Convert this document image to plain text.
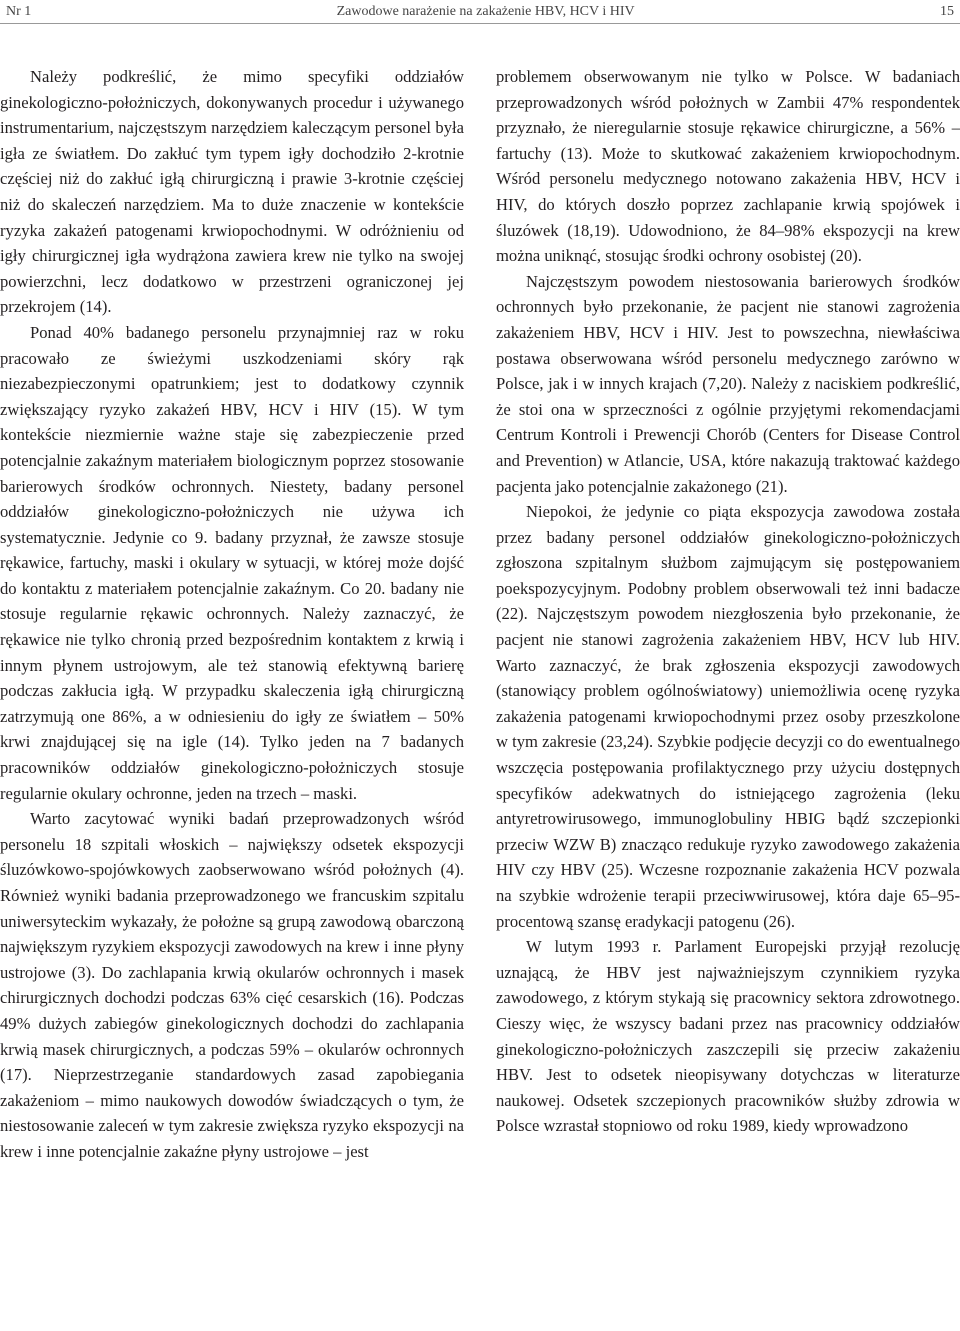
Nr 1	Zawodowe narażenie na zakażenie HBV, HCV i HIV	15

Należy podkreślić, że mimo specyfiki oddziałów ginekologiczno-położniczych, dokonywanych procedur i używanego instrumentarium, najczęstszym narzędziem kaleczącym personel była igła ze światłem. Do zakłuć tym typem igły dochodziło 2-krotnie częściej niż do zakłuć igłą chirurgiczną i prawie 3-krotnie częściej niż do skaleczeń narzędziem. Ma to duże znaczenie w kontekście ryzyka zakażeń patogenami krwiopochodnymi. W odróżnieniu od igły chirurgicznej igła wydrążona zawiera krew nie tylko na swojej powierzchni, lecz dodatkowo w przestrzeni ograniczonej jej przekrojem (14).

Ponad 40% badanego personelu przynajmniej raz w roku pracowało ze świeżymi uszkodzeniami skóry rąk niezabezpieczonymi opatrunkiem; jest to dodatkowy czynnik zwiększający ryzyko zakażeń HBV, HCV i HIV (15). W tym kontekście niezmiernie ważne staje się zabezpieczenie przed potencjalnie zakaźnym materiałem biologicznym poprzez stosowanie barierowych środków ochronnych. Niestety, badany personel oddziałów ginekologiczno-położniczych nie używa ich systematycznie. Jedynie co 9. badany przyznał, że zawsze stosuje rękawice, fartuchy, maski i okulary w sytuacji, w której może dojść do kontaktu z materiałem potencjalnie zakaźnym. Co 20. badany nie stosuje regularnie rękawic ochronnych. Należy zaznaczyć, że rękawice nie tylko chronią przed bezpośrednim kontaktem z krwią i innym płynem ustrojowym, ale też stanowią efektywną barierę podczas zakłucia igłą. W przypadku skaleczenia igłą chirurgiczną zatrzymują one 86%, a w odniesieniu do igły ze światłem – 50% krwi znajdującej się na igle (14). Tylko jeden na 7 badanych pracowników oddziałów ginekologiczno-położniczych stosuje regularnie okulary ochronne, jeden na trzech – maski.

Warto zacytować wyniki badań przeprowadzonych wśród personelu 18 szpitali włoskich – największy odsetek ekspozycji śluzówkowo-spojówkowych zaobserwowano wśród położnych (4). Również wyniki badania przeprowadzonego we francuskim szpitalu uniwersyteckim wykazały, że położne są grupą zawodową obarczoną największym ryzykiem ekspozycji zawodowych na krew i inne płyny ustrojowe (3). Do zachlapania krwią okularów ochronnych i masek chirurgicznych dochodzi podczas 63% cięć cesarskich (16). Podczas 49% dużych zabiegów ginekologicznych dochodzi do zachlapania krwią masek chirurgicznych, a podczas 59% – okularów ochronnych (17). Nieprzestrzeganie standardowych zasad zapobiegania zakażeniom – mimo naukowych dowodów świadczących o tym, że niestosowanie zaleceń w tym zakresie zwiększa ryzyko ekspozycji na krew i inne potencjalnie zakaźne płyny ustrojowe – jest

problemem obserwowanym nie tylko w Polsce. W badaniach przeprowadzonych wśród położnych w Zambii 47% respondentek przyznało, że nieregularnie stosuje rękawice chirurgiczne, a 56% – fartuchy (13). Może to skutkować zakażeniem krwiopochodnym. Wśród personelu medycznego notowano zakażenia HBV, HCV i HIV, do których doszło poprzez zachlapanie krwią spojówek i śluzówek (18,19). Udowodniono, że 84–98% ekspozycji na krew można uniknąć, stosując środki ochrony osobistej (20).

Najczęstszym powodem niestosowania barierowych środków ochronnych było przekonanie, że pacjent nie stanowi zagrożenia zakażeniem HBV, HCV i HIV. Jest to powszechna, niewłaściwa postawa obserwowana wśród personelu medycznego zarówno w Polsce, jak i w innych krajach (7,20). Należy z naciskiem podkreślić, że stoi ona w sprzeczności z ogólnie przyjętymi rekomendacjami Centrum Kontroli i Prewencji Chorób (Centers for Disease Control and Prevention) w Atlancie, USA, które nakazują traktować każdego pacjenta jako potencjalnie zakażonego (21).

Niepokoi, że jedynie co piąta ekspozycja zawodowa została przez badany personel oddziałów ginekologiczno-położniczych zgłoszona szpitalnym służbom zajmującym się postępowaniem poekspozycyjnym. Podobny problem obserwowali też inni badacze (22). Najczęstszym powodem niezgłoszenia było przekonanie, że pacjent nie stanowi zagrożenia zakażeniem HBV, HCV lub HIV. Warto zaznaczyć, że brak zgłoszenia ekspozycji zawodowych (stanowiący problem ogólnoświatowy) uniemożliwia ocenę ryzyka zakażenia patogenami krwiopochodnymi przez osoby przeszkolone w tym zakresie (23,24). Szybkie podjęcie decyzji co do ewentualnego wszczęcia postępowania profilaktycznego przy użyciu dostępnych specyfików adekwatnych do istniejącego zagrożenia (leku antyretrowirusowego, immunoglobuliny HBIG bądź szczepionki przeciw WZW B) znacząco redukuje ryzyko zawodowego zakażenia HIV czy HBV (25). Wczesne rozpoznanie zakażenia HCV pozwala na szybkie wdrożenie terapii przeciwwirusowej, która daje 65–95-procentową szansę eradykacji patogenu (26).

W lutym 1993 r. Parlament Europejski przyjął rezolucję uznającą, że HBV jest najważniejszym czynnikiem ryzyka zawodowego, z którym stykają się pracownicy sektora zdrowotnego. Cieszy więc, że wszyscy badani przez nas pracownicy oddziałów ginekologiczno-położniczych zaszczepili się przeciw zakażeniu HBV. Jest to odsetek nieopisywany dotychczas w literaturze naukowej. Odsetek szczepionych pracowników służby zdrowia w Polsce wzrastał stopniowo od roku 1989, kiedy wprowadzono
